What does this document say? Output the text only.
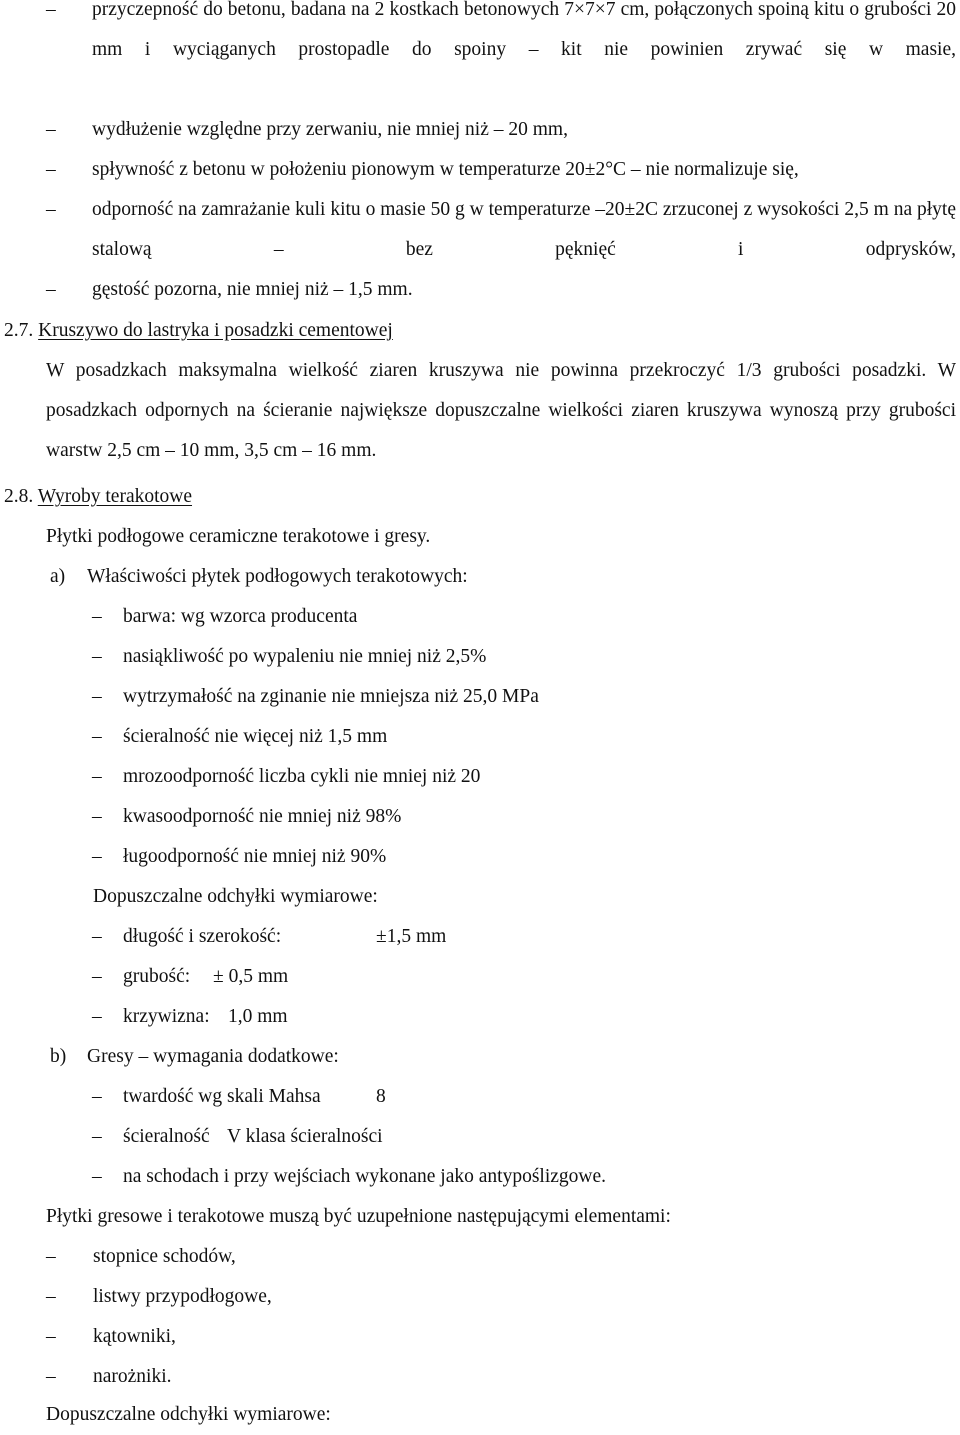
– przyczepność do betonu, badana na 2 kostkach betonowych 7×7×7 cm, połączonych spoiną kitu o grubości 20 mm i wyciąganych prostopadle do spoiny – kit nie powinien zrywać się w masie,
– wydłużenie względne przy zerwaniu, nie mniej niż – 20 mm,
– spływność z betonu w położeniu pionowym w temperaturze 20±2°C – nie normalizuje się,
– odporność na zamrażanie kuli kitu o masie 50 g w temperaturze –20±2C zrzuconej z wysokości 2,5 m na płytę stalową – bez pęknięć i odprysków,
– gęstość pozorna, nie mniej niż – 1,5 mm.
2.7. Kruszywo do lastryka i posadzki cementowej
W posadzkach maksymalna wielkość ziaren kruszywa nie powinna przekroczyć 1/3 grubości posadzki. W posadzkach odpornych na ścieranie największe dopuszczalne wielkości ziaren kruszywa wynoszą przy grubości warstw 2,5 cm – 10 mm, 3,5 cm – 16 mm.
2.8. Wyroby terakotowe
Płytki podłogowe ceramiczne terakotowe i gresy.
a) Właściwości płytek podłogowych terakotowych:
– barwa: wg wzorca producenta
– nasiąkliwość po wypaleniu nie mniej niż 2,5%
– wytrzymałość na zginanie nie mniejsza niż 25,0 MPa
– ścieralność nie więcej niż 1,5 mm
– mrozoodporność liczba cykli nie mniej niż 20
– kwasoodporność nie mniej niż 98%
– ługoodporność nie mniej niż 90%
Dopuszczalne odchyłki wymiarowe:
– długość i szerokość:	±1,5 mm
– grubość: ± 0,5 mm
– krzywizna: 1,0 mm
b) Gresy – wymagania dodatkowe:
– twardość wg skali Mahsa	8
– ścieralność V klasa ścieralności
– na schodach i przy wejściach wykonane jako antypoślizgowe.
Płytki gresowe i terakotowe muszą być uzupełnione następującymi elementami:
– stopnice schodów,
– listwy przypodłogowe,
– kątowniki,
– narożniki.
Dopuszczalne odchyłki wymiarowe:
